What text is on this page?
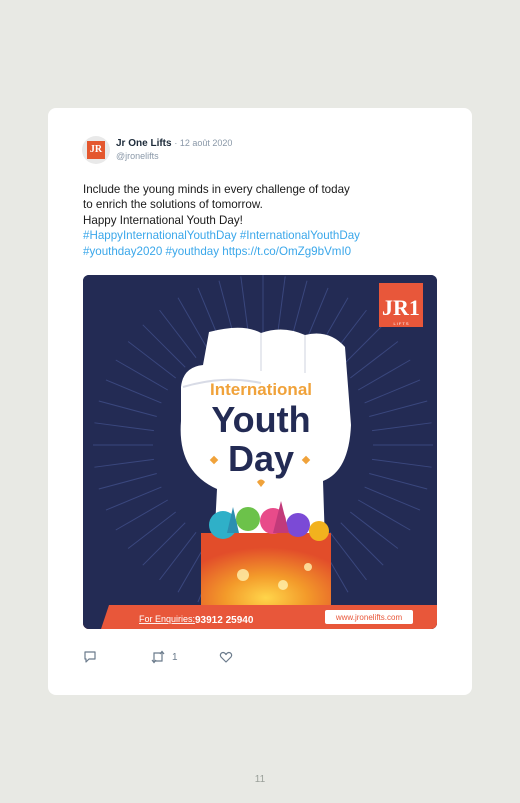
JR
Jr One Lifts · 12 août 2020
@jronelifts
Include the young minds in every challenge of today
to enrich the solutions of tomorrow.
Happy International Youth Day!
#HappyInternationalYouthDay #InternationalYouthDay
#youthday2020 #youthday https://t.co/OmZg9bVmI0
JR1
L I F T S
International
Youth
Day
For Enquiries: 93912 25940	www.jronelifts.com
1
11
